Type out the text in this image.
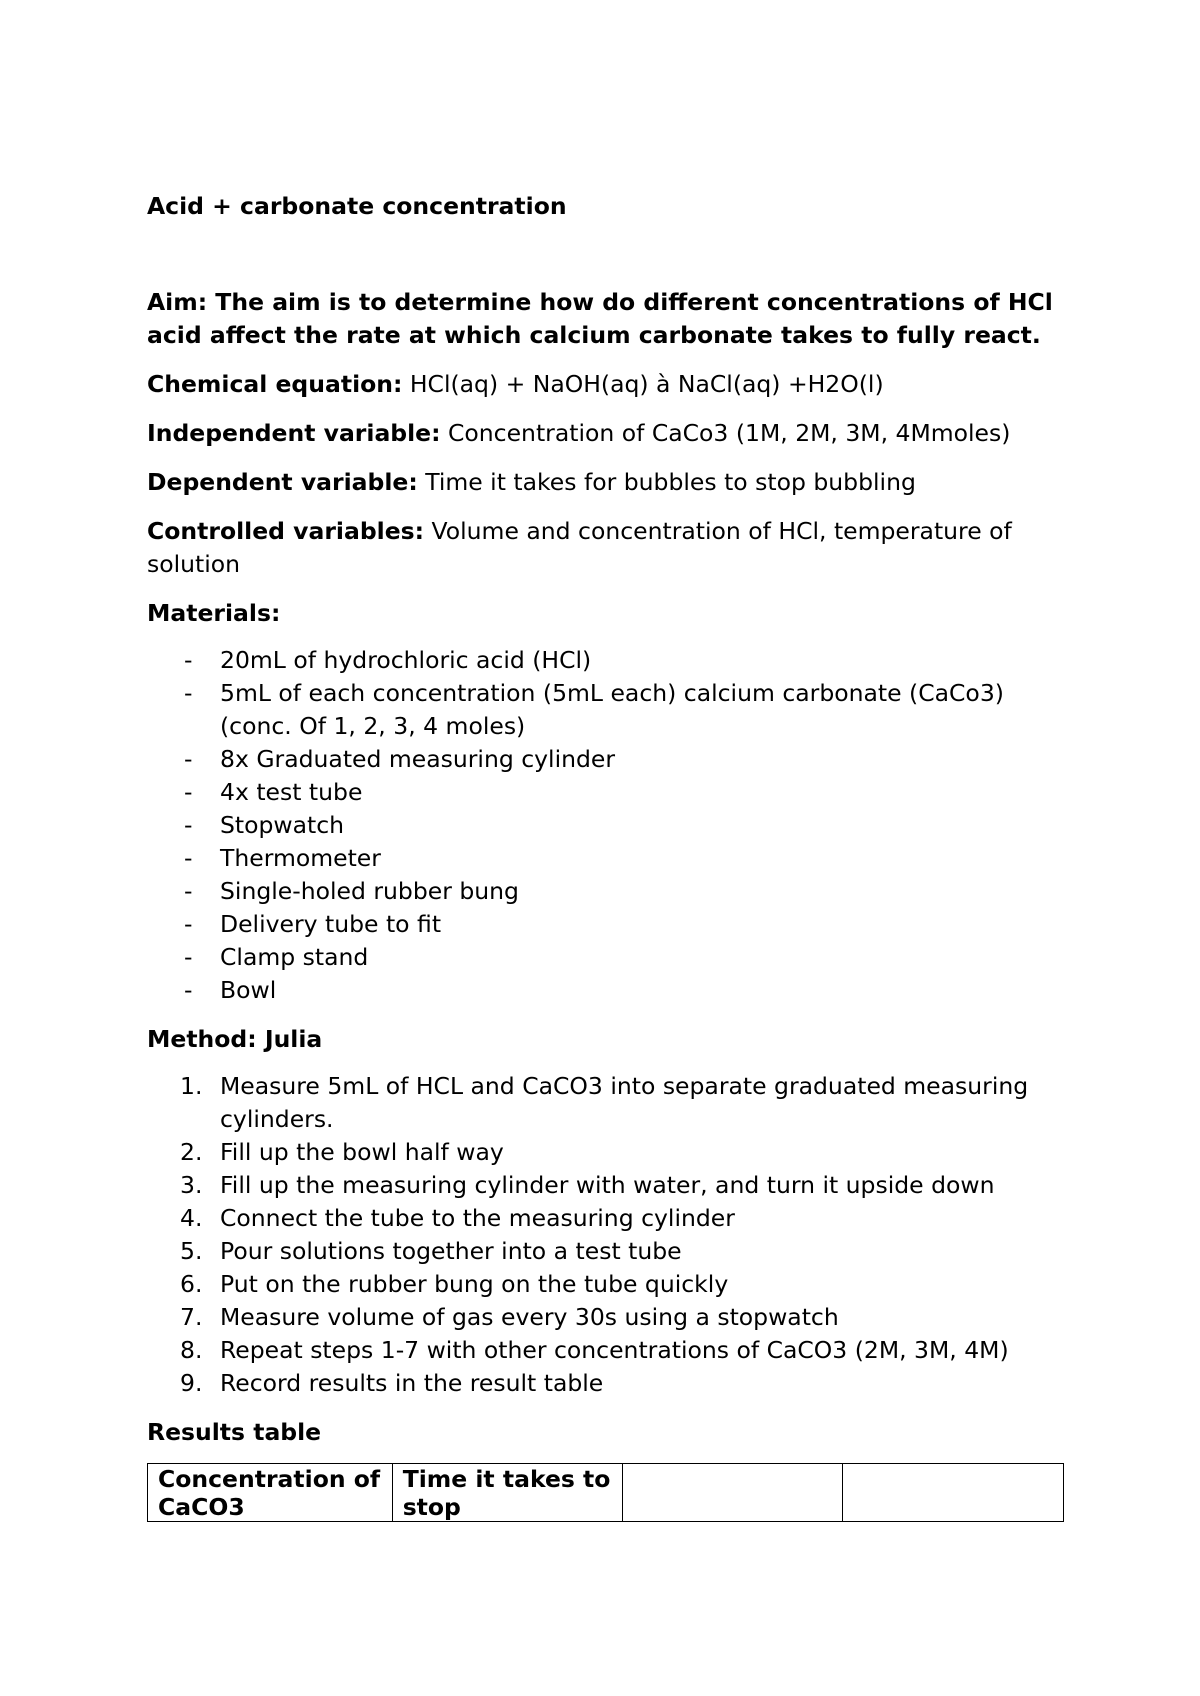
Acid + carbonate concentration

Aim: The aim is to determine how do different concentrations of HCl acid affect the rate at which calcium carbonate takes to fully react.

Chemical equation: HCl(aq) + NaOH(aq) à NaCl(aq) +H2O(l)

Independent variable: Concentration of CaCo3 (1M, 2M, 3M, 4Mmoles)

Dependent variable: Time it takes for bubbles to stop bubbling

Controlled variables: Volume and concentration of HCl, temperature of solution

Materials:

- 20mL of hydrochloric acid (HCl)
- 5mL of each concentration (5mL each) calcium carbonate (CaCo3) (conc. Of 1, 2, 3, 4 moles)
- 8x Graduated measuring cylinder
- 4x test tube
- Stopwatch
- Thermometer
- Single-holed rubber bung
- Delivery tube to fit
- Clamp stand
- Bowl

Method: Julia

1. Measure 5mL of HCL and CaCO3 into separate graduated measuring cylinders.
2. Fill up the bowl half way
3. Fill up the measuring cylinder with water, and turn it upside down
4. Connect the tube to the measuring cylinder
5. Pour solutions together into a test tube
6. Put on the rubber bung on the tube quickly
7. Measure volume of gas every 30s using a stopwatch
8. Repeat steps 1-7 with other concentrations of CaCO3 (2M, 3M, 4M)
9. Record results in the result table

Results table

Concentration of CaCO3	Time it takes to stop		
